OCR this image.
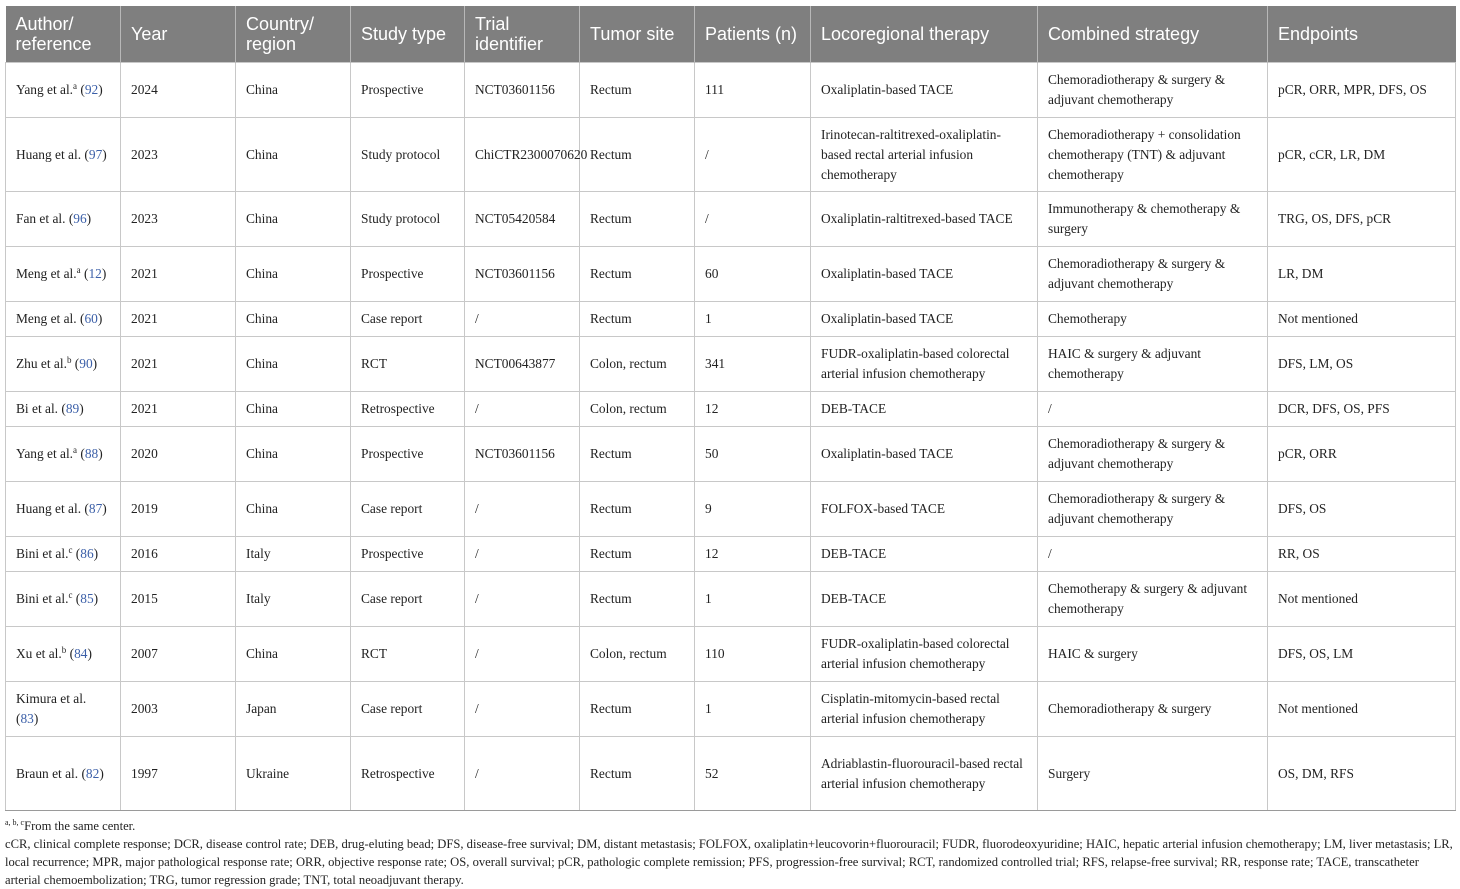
Author/ reference	Year	Country/ region	Study type	Trial identifier	Tumor site	Patients (n)	Locoregional therapy	Combined strategy	Endpoints
Yang et al.$^a$ (92)	2024	China	Prospective	NCT03601156	Rectum	111	Oxaliplatin-based TACE	Chemoradiotherapy & surgery & adjuvant chemotherapy	pCR, ORR, MPR, DFS, OS
Huang et al. (97)	2023	China	Study protocol	ChiCTR2300070620	Rectum	/	Irinotecan-raltitrexed-oxaliplatin-based rectal arterial infusion chemotherapy	Chemoradiotherapy + consolidation chemotherapy (TNT) & adjuvant chemotherapy	pCR, cCR, LR, DM
Fan et al. (96)	2023	China	Study protocol	NCT05420584	Rectum	/	Oxaliplatin-raltitrexed-based TACE	Immunotherapy & chemotherapy & surgery	TRG, OS, DFS, pCR
Meng et al.$^a$ (12)	2021	China	Prospective	NCT03601156	Rectum	60	Oxaliplatin-based TACE	Chemoradiotherapy & surgery & adjuvant chemotherapy	LR, DM
Meng et al. (60)	2021	China	Case report	/	Rectum	1	Oxaliplatin-based TACE	Chemotherapy	Not mentioned
Zhu et al.$^b$ (90)	2021	China	RCT	NCT00643877	Colon, rectum	341	FUDR-oxaliplatin-based colorectal arterial infusion chemotherapy	HAIC & surgery & adjuvant chemotherapy	DFS, LM, OS
Bi et al. (89)	2021	China	Retrospective	/	Colon, rectum	12	DEB-TACE	/	DCR, DFS, OS, PFS
Yang et al.$^a$ (88)	2020	China	Prospective	NCT03601156	Rectum	50	Oxaliplatin-based TACE	Chemoradiotherapy & surgery & adjuvant chemotherapy	pCR, ORR
Huang et al. (87)	2019	China	Case report	/	Rectum	9	FOLFOX-based TACE	Chemoradiotherapy & surgery & adjuvant chemotherapy	DFS, OS
Bini et al.$^c$ (86)	2016	Italy	Prospective	/	Rectum	12	DEB-TACE	/	RR, OS
Bini et al.$^c$ (85)	2015	Italy	Case report	/	Rectum	1	DEB-TACE	Chemotherapy & surgery & adjuvant chemotherapy	Not mentioned
Xu et al.$^b$ (84)	2007	China	RCT	/	Colon, rectum	110	FUDR-oxaliplatin-based colorectal arterial infusion chemotherapy	HAIC & surgery	DFS, OS, LM
Kimura et al. (83)	2003	Japan	Case report	/	Rectum	1	Cisplatin-mitomycin-based rectal arterial infusion chemotherapy	Chemoradiotherapy & surgery	Not mentioned
Braun et al. (82)	1997	Ukraine	Retrospective	/	Rectum	52	Adriablastin-fluorouracil-based rectal arterial infusion chemotherapy	Surgery	OS, DM, RFS
$^{a, b, c}$From the same center.
cCR, clinical complete response; DCR, disease control rate; DEB, drug-eluting bead; DFS, disease-free survival; DM, distant metastasis; FOLFOX, oxaliplatin+leucovorin+fluorouracil; FUDR, fluorodeoxyuridine; HAIC, hepatic arterial infusion chemotherapy; LM, liver metastasis; LR, local recurrence; MPR, major pathological response rate; ORR, objective response rate; OS, overall survival; pCR, pathologic complete remission; PFS, progression-free survival; RCT, randomized controlled trial; RFS, relapse-free survival; RR, response rate; TACE, transcatheter arterial chemoembolization; TRG, tumor regression grade; TNT, total neoadjuvant therapy.
